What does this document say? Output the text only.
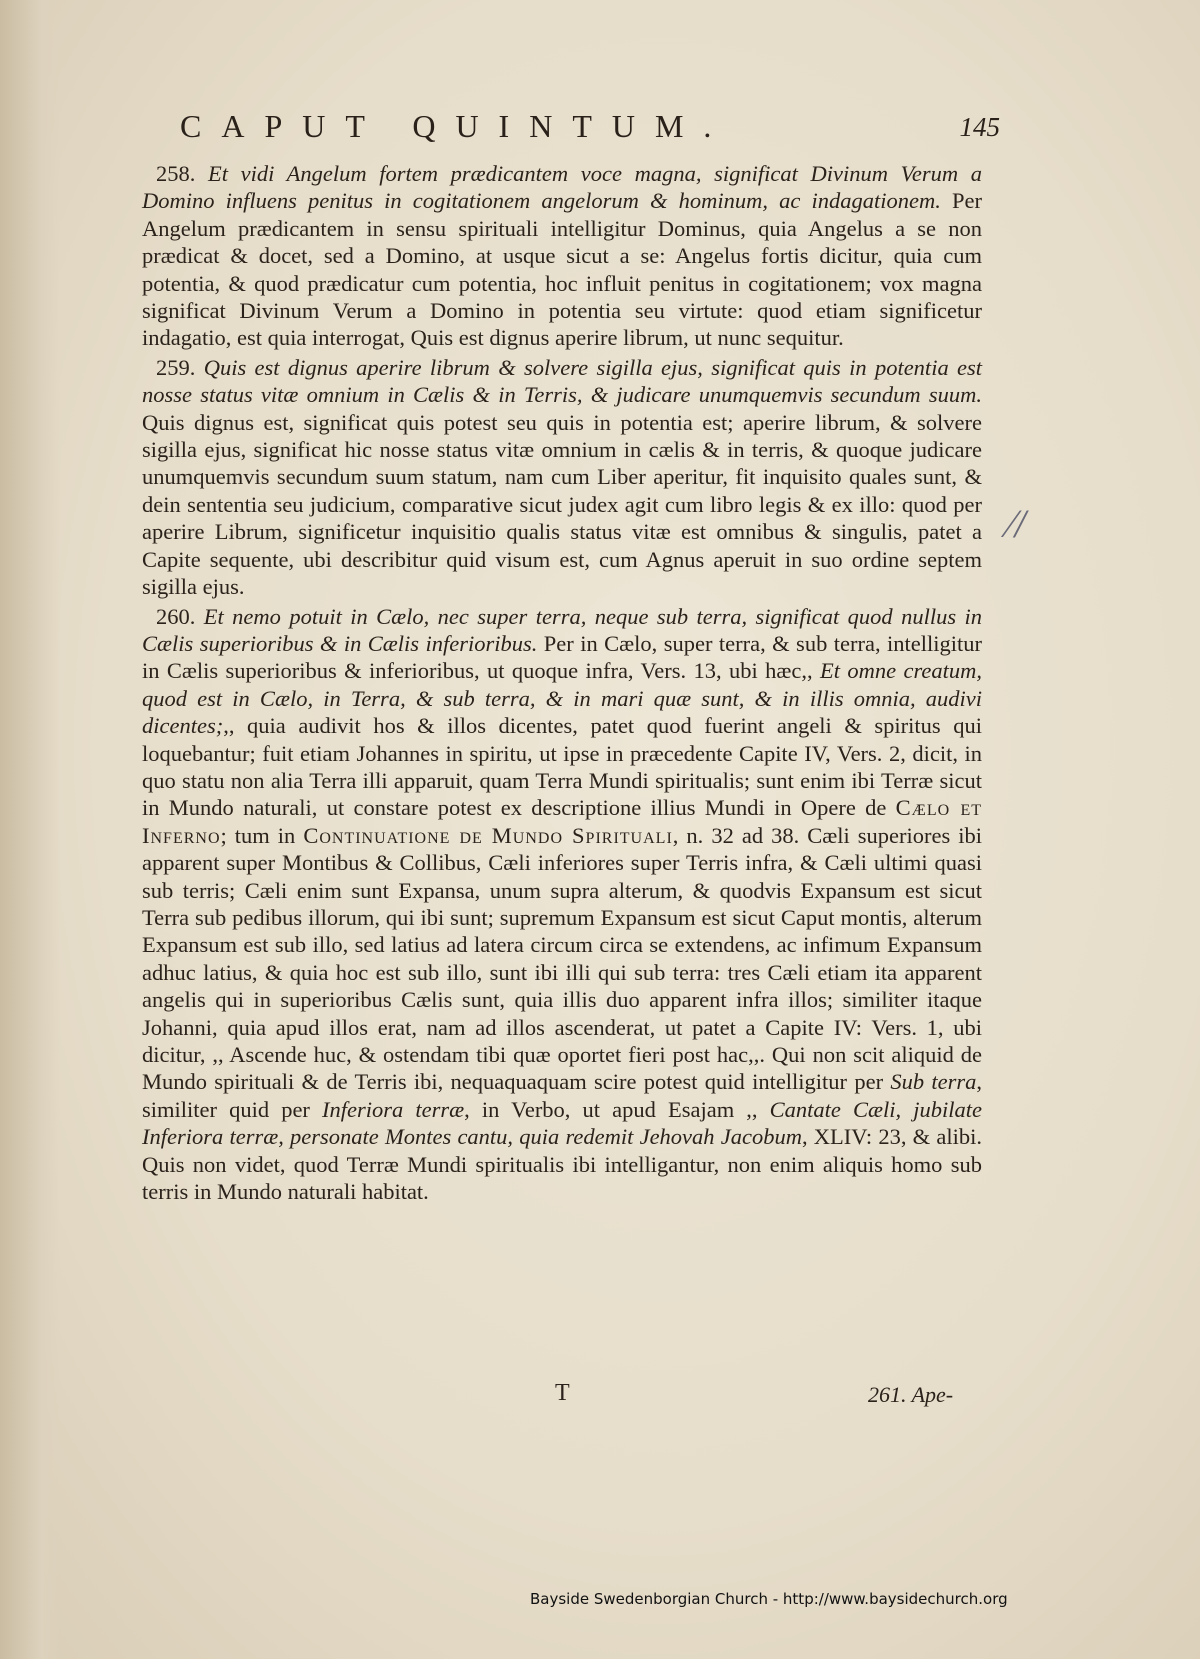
CAPUT QUINTUM.	145

258. Et vidi Angelum fortem prædicantem voce magna, significat Divinum Verum a Domino influens penitus in cogitationem angelorum & hominum, ac indagationem. Per Angelum prædicantem in sensu spirituali intelligitur Dominus, quia Angelus a se non prædicat & docet, sed a Domino, at usque sicut a se: Angelus fortis dicitur, quia cum potentia, & quod prædicatur cum potentia, hoc influit penitus in cogitationem; vox magna significat Divinum Verum a Domino in potentia seu virtute: quod etiam significetur indagatio, est quia interrogat, Quis est dignus aperire librum, ut nunc sequitur.

259. Quis est dignus aperire librum & solvere sigilla ejus, significat quis in potentia est nosse status vitæ omnium in Cælis & in Terris, & judicare unumquemvis secundum suum. Quis dignus est, significat quis potest seu quis in potentia est; aperire librum, & solvere sigilla ejus, significat hic nosse status vitæ omnium in cælis & in terris, & quoque judicare unumquemvis secundum suum statum, nam cum Liber aperitur, fit inquisito quales sunt, & dein sententia seu judicium, comparative sicut judex agit cum libro legis & ex illo: quod per aperire Librum, significetur inquisitio qualis status vitæ est omnibus & singulis, patet a Capite sequente, ubi describitur quid visum est, cum Agnus aperuit in suo ordine septem sigilla ejus.

260. Et nemo potuit in Cælo, nec super terra, neque sub terra, significat quod nullus in Cælis superioribus & in Cælis inferioribus. Per in Cælo, super terra, & sub terra, intelligitur in Cælis superioribus & inferioribus, ut quoque infra, Vers. 13, ubi hæc,, Et omne creatum, quod est in Cælo, in Terra, & sub terra, & in mari quæ sunt, & in illis omnia, audivi dicentes;,, quia audivit hos & illos dicentes, patet quod fuerint angeli & spiritus qui loquebantur; fuit etiam Johannes in spiritu, ut ipse in præcedente Capite IV, Vers. 2, dicit, in quo statu non alia Terra illi apparuit, quam Terra Mundi spiritualis; sunt enim ibi Terræ sicut in Mundo naturali, ut constare potest ex descriptione illius Mundi in Opere de Cælo et Inferno; tum in Continuatione de Mundo Spirituali, n. 32 ad 38. Cæli superiores ibi apparent super Montibus & Collibus, Cæli inferiores super Terris infra, & Cæli ultimi quasi sub terris; Cæli enim sunt Expansa, unum supra alterum, & quodvis Expansum est sicut Terra sub pedibus illorum, qui ibi sunt; supremum Expansum est sicut Caput montis, alterum Expansum est sub illo, sed latius ad latera circum circa se extendens, ac infimum Expansum adhuc latius, & quia hoc est sub illo, sunt ibi illi qui sub terra: tres Cæli etiam ita apparent angelis qui in superioribus Cælis sunt, quia illis duo apparent infra illos; similiter itaque Johanni, quia apud illos erat, nam ad illos ascenderat, ut patet a Capite IV: Vers. 1, ubi dicitur, ,, Ascende huc, & ostendam tibi quæ oportet fieri post hac,,. Qui non scit aliquid de Mundo spirituali & de Terris ibi, nequaquaquam scire potest quid intelligitur per Sub terra, similiter quid per Inferiora terræ, in Verbo, ut apud Esajam ,, Cantate Cæli, jubilate Inferiora terræ, personate Montes cantu, quia redemit Jehovah Jacobum, XLIV: 23, & alibi. Quis non videt, quod Terræ Mundi spiritualis ibi intelligantur, non enim aliquis homo sub terris in Mundo naturali habitat.

T	261. Ape-
⁄/
Bayside Swedenborgian Church - http://www.baysidechurch.org
